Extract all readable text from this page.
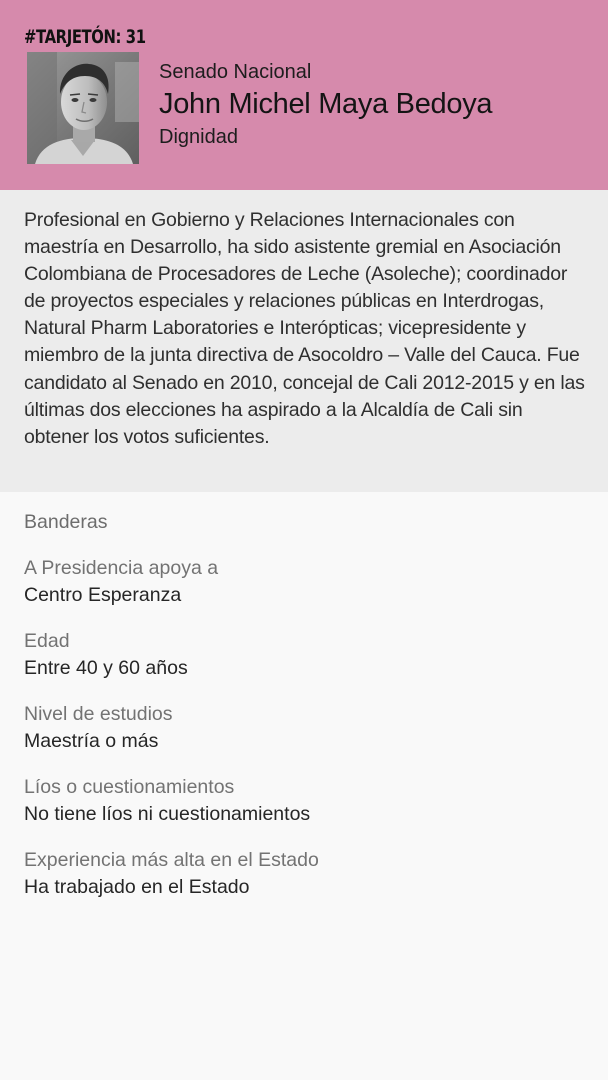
#TARJETÓN: 31
Senado Nacional
John Michel Maya Bedoya
Dignidad

Profesional en Gobierno y Relaciones Internacionales con maestría en Desarrollo, ha sido asistente gremial en Asociación Colombiana de Procesadores de Leche (Asoleche); coordinador de proyectos especiales y relaciones públicas en Interdrogas, Natural Pharm Laboratories e Interópticas; vicepresidente y miembro de la junta directiva de Asocoldro – Valle del Cauca. Fue candidato al Senado en 2010, concejal de Cali 2012-2015 y en las últimas dos elecciones ha aspirado a la Alcaldía de Cali sin obtener los votos suficientes.

Banderas
A Presidencia apoya a
Centro Esperanza
Edad
Entre 40 y 60 años
Nivel de estudios
Maestría o más
Líos o cuestionamientos
No tiene líos ni cuestionamientos
Experiencia más alta en el Estado
Ha trabajado en el Estado
